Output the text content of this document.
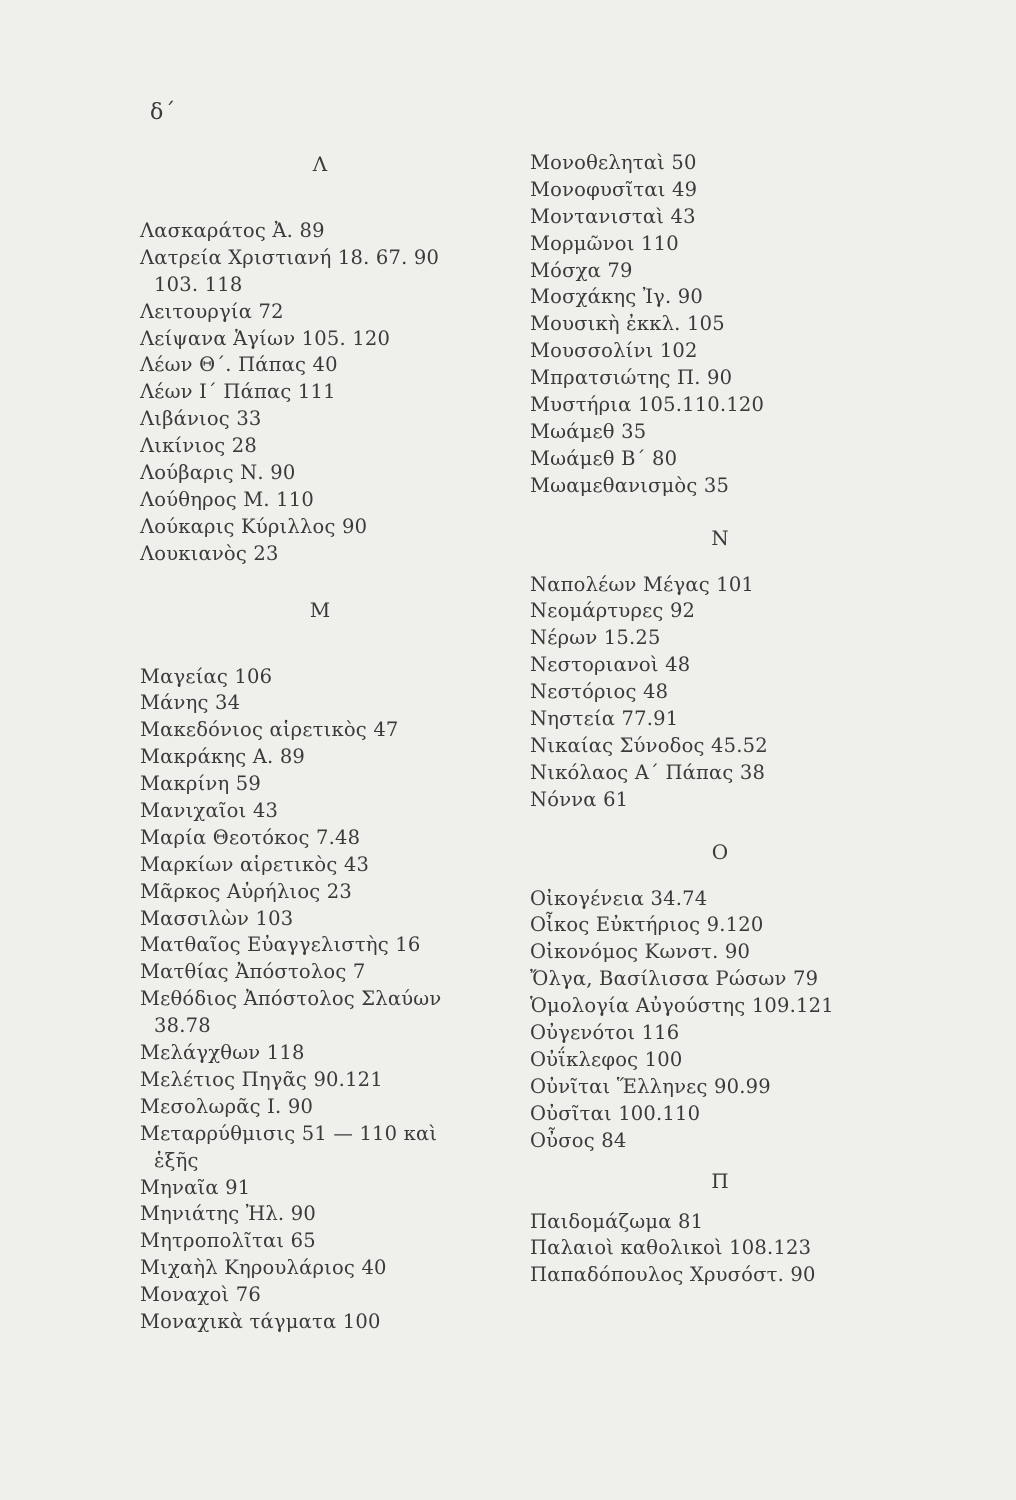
δ΄
Λ
Λασκαράτος Ἀ. 89
Λατρεία Χριστιανή 18. 67. 90
103. 118
Λειτουργία 72
Λείψανα Ἁγίων 105. 120
Λέων Θ΄. Πάπας 40
Λέων Ι΄ Πάπας 111
Λιβάνιος 33
Λικίνιος 28
Λούβαρις Ν. 90
Λούθηρος Μ. 110
Λούκαρις Κύριλλος 90
Λουκιανὸς 23
Μ
Μαγείας 106
Μάνης 34
Μακεδόνιος αἱρετικὸς 47
Μακράκης Α. 89
Μακρίνη 59
Μανιχαῖοι 43
Μαρία Θεοτόκος 7.48
Μαρκίων αἱρετικὸς 43
Μᾶρκος Αὐρήλιος 23
Μασσιλὼν 103
Ματθαῖος Εὐαγγελιστὴς 16
Ματθίας Ἀπόστολος 7
Μεθόδιος Ἀπόστολος Σλαύων
38.78
Μελάγχθων 118
Μελέτιος Πηγᾶς 90.121
Μεσολωρᾶς Ι. 90
Μεταρρύθμισις 51 — 110 καὶ
ἑξῆς
Μηναῖα 91
Μηνιάτης Ἠλ. 90
Μητροπολῖται 65
Μιχαὴλ Κηρουλάριος 40
Μοναχοὶ 76
Μοναχικὰ τάγματα 100
Μονοθεληταὶ 50
Μονοφυσῖται 49
Μοντανισταὶ 43
Μορμῶνοι 110
Μόσχα 79
Μοσχάκης Ἰγ. 90
Μουσικὴ ἐκκλ. 105
Μουσσολίνι 102
Μπρατσιώτης Π. 90
Μυστήρια 105.110.120
Μωάμεθ 35
Μωάμεθ Β΄ 80
Μωαμεθανισμὸς 35
Ν
Ναπολέων Μέγας 101
Νεομάρτυρες 92
Νέρων 15.25
Νεστοριανοὶ 48
Νεστόριος 48
Νηστεία 77.91
Νικαίας Σύνοδος 45.52
Νικόλαος Α΄ Πάπας 38
Νόννα 61
Ο
Οἰκογένεια 34.74
Οἶκος Εὐκτήριος 9.120
Οἰκονόμος Κωνστ. 90
Ὄλγα, Βασίλισσα Ρώσων 79
Ὁμολογία Αὐγούστης 109.121
Οὐγενότοι 116
Οὐΐκλεφος 100
Οὐνῖται Ἕλληνες 90.99
Οὐσῖται 100.110
Οὖσος 84
Π
Παιδομάζωμα 81
Παλαιοὶ καθολικοὶ 108.123
Παπαδόπουλος Χρυσόστ. 90
